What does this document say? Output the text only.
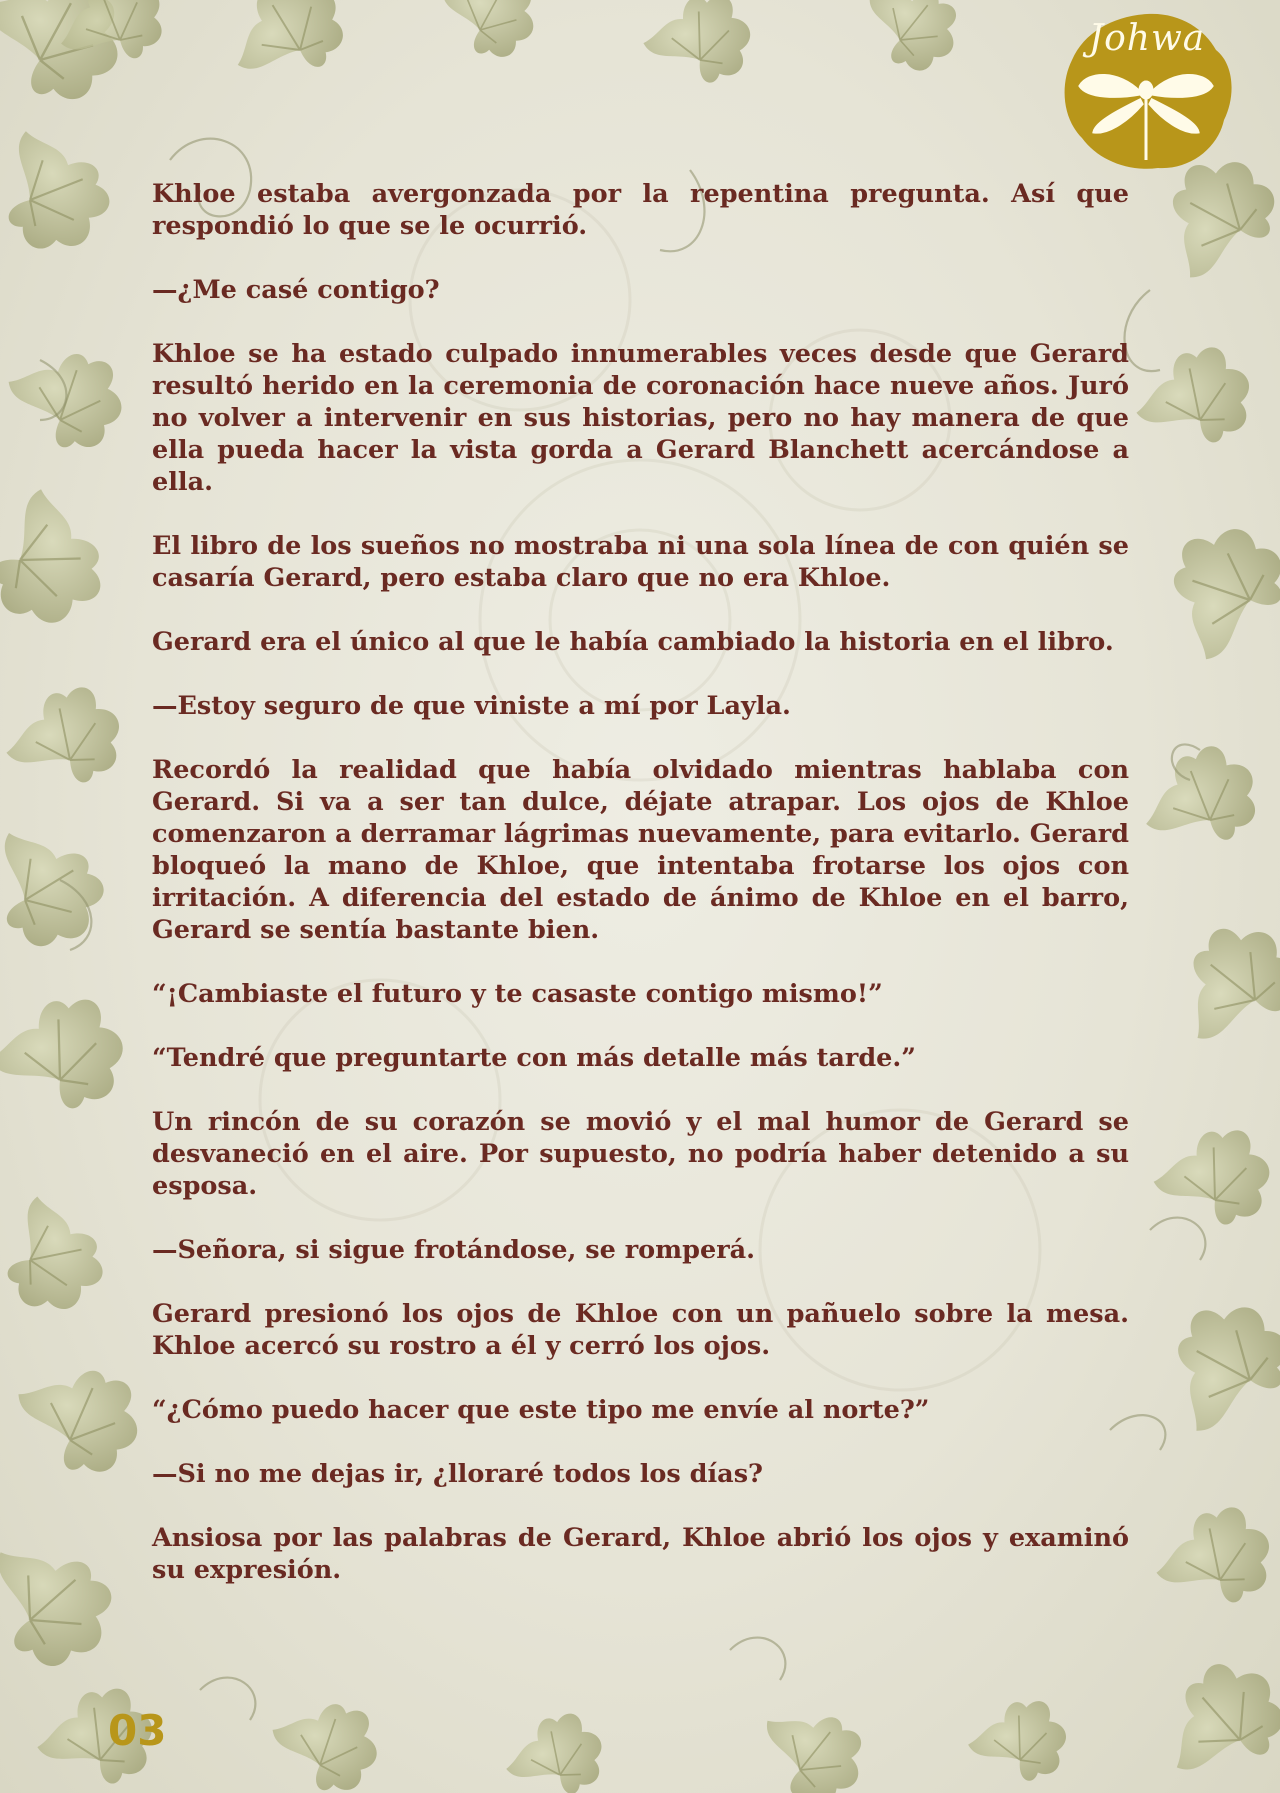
Johwa

Khloe estaba avergonzada por la repentina pregunta. Así que respondió lo que se le ocurrió.

—¿Me casé contigo?

Khloe se ha estado culpado innumerables veces desde que Gerard resultó herido en la ceremonia de coronación hace nueve años. Juró no volver a intervenir en sus historias, pero no hay manera de que ella pueda hacer la vista gorda a Gerard Blanchett acercándose a ella.

El libro de los sueños no mostraba ni una sola línea de con quién se casaría Gerard, pero estaba claro que no era Khloe.

Gerard era el único al que le había cambiado la historia en el libro.

—Estoy seguro de que viniste a mí por Layla.

Recordó la realidad que había olvidado mientras hablaba con Gerard. Si va a ser tan dulce, déjate atrapar. Los ojos de Khloe comenzaron a derramar lágrimas nuevamente, para evitarlo. Gerard bloqueó la mano de Khloe, que intentaba frotarse los ojos con irritación. A diferencia del estado de ánimo de Khloe en el barro, Gerard se sentía bastante bien.

“¡Cambiaste el futuro y te casaste contigo mismo!”

“Tendré que preguntarte con más detalle más tarde.”

Un rincón de su corazón se movió y el mal humor de Gerard se desvaneció en el aire. Por supuesto, no podría haber detenido a su esposa.

—Señora, si sigue frotándose, se romperá.

Gerard presionó los ojos de Khloe con un pañuelo sobre la mesa. Khloe acercó su rostro a él y cerró los ojos.

“¿Cómo puedo hacer que este tipo me envíe al norte?”

—Si no me dejas ir, ¿lloraré todos los días?

Ansiosa por las palabras de Gerard, Khloe abrió los ojos y examinó su expresión.

03
